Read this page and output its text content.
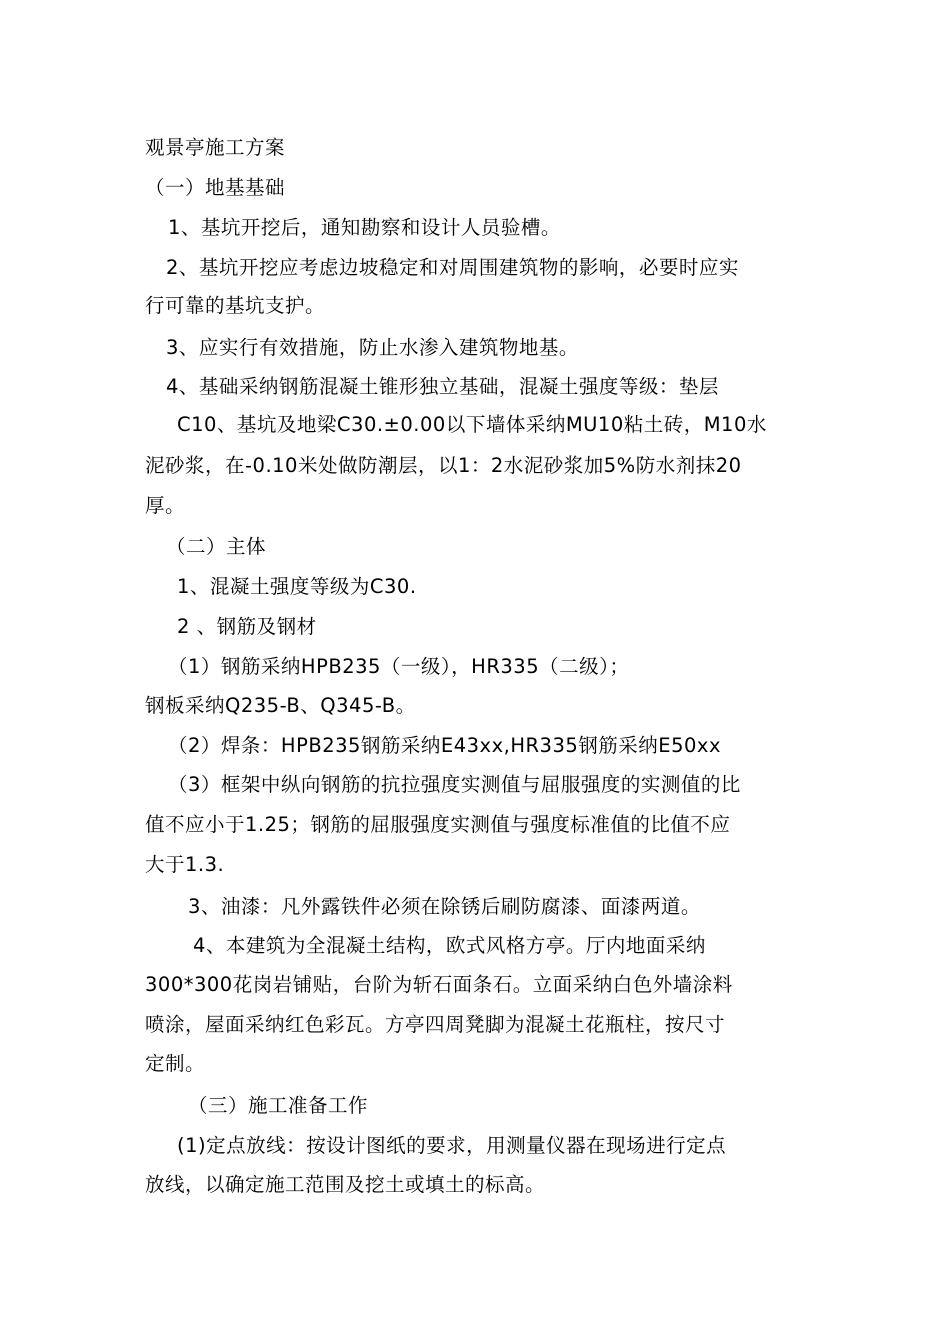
观景亭施工方案
（一）地基基础
1、基坑开挖后，通知勘察和设计人员验槽。
2、基坑开挖应考虑边坡稳定和对周围建筑物的影响，必要时应实
行可靠的基坑支护。
3、应实行有效措施，防止水渗入建筑物地基。
4、基础采纳钢筋混凝土锥形独立基础，混凝土强度等级：垫层
C10、基坑及地梁C30.±0.00以下墙体采纳MU10粘土砖，M10水
泥砂浆，在-0.10米处做防潮层，以1：2水泥砂浆加5%防水剂抹20
厚。
（二）主体
1、混凝土强度等级为C30.
2 、钢筋及钢材
（1）钢筋采纳HPB235（一级），HR335（二级）；
钢板采纳Q235-B、Q345-B。
（2）焊条：HPB235钢筋采纳E43xx,HR335钢筋采纳E50xx
（3）框架中纵向钢筋的抗拉强度实测值与屈服强度的实测值的比
值不应小于1.25；钢筋的屈服强度实测值与强度标准值的比值不应
大于1.3.
3、油漆：凡外露铁件必须在除锈后刷防腐漆、面漆两道。
4、本建筑为全混凝土结构，欧式风格方亭。厅内地面采纳
300*300花岗岩铺贴，台阶为斩石面条石。立面采纳白色外墙涂料
喷涂，屋面采纳红色彩瓦。方亭四周凳脚为混凝土花瓶柱，按尺寸
定制。
（三）施工准备工作
(1)定点放线：按设计图纸的要求，用测量仪器在现场进行定点
放线，以确定施工范围及挖土或填土的标高。
